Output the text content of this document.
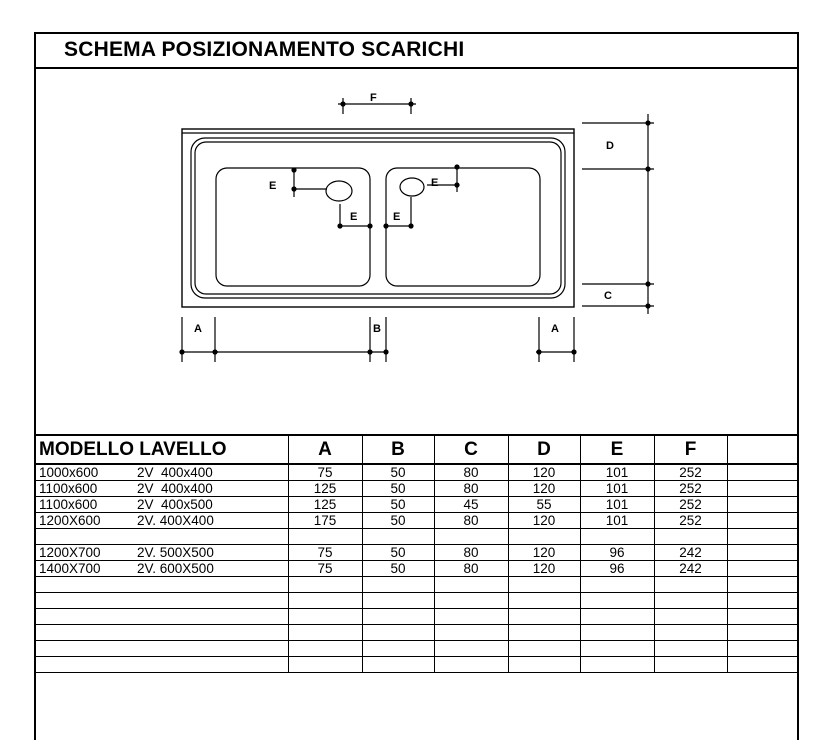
SCHEMA POSIZIONAMENTO SCARICHI
F
E
E
E
E
D
C
A	B	A
MODELLO LAVELLO	A	B	C	D	E	F	
1000x600 2V  400x400	75	50	80	120	101	252	
1100x600 2V  400x400	125	50	80	120	101	252	
1100x600 2V  400x500	125	50	45	55	101	252	
1200X600 2V. 400X400	175	50	80	120	101	252	

1200X700 2V. 500X500	75	50	80	120	96	242	
1400X700 2V. 600X500	75	50	80	120	96	242	
